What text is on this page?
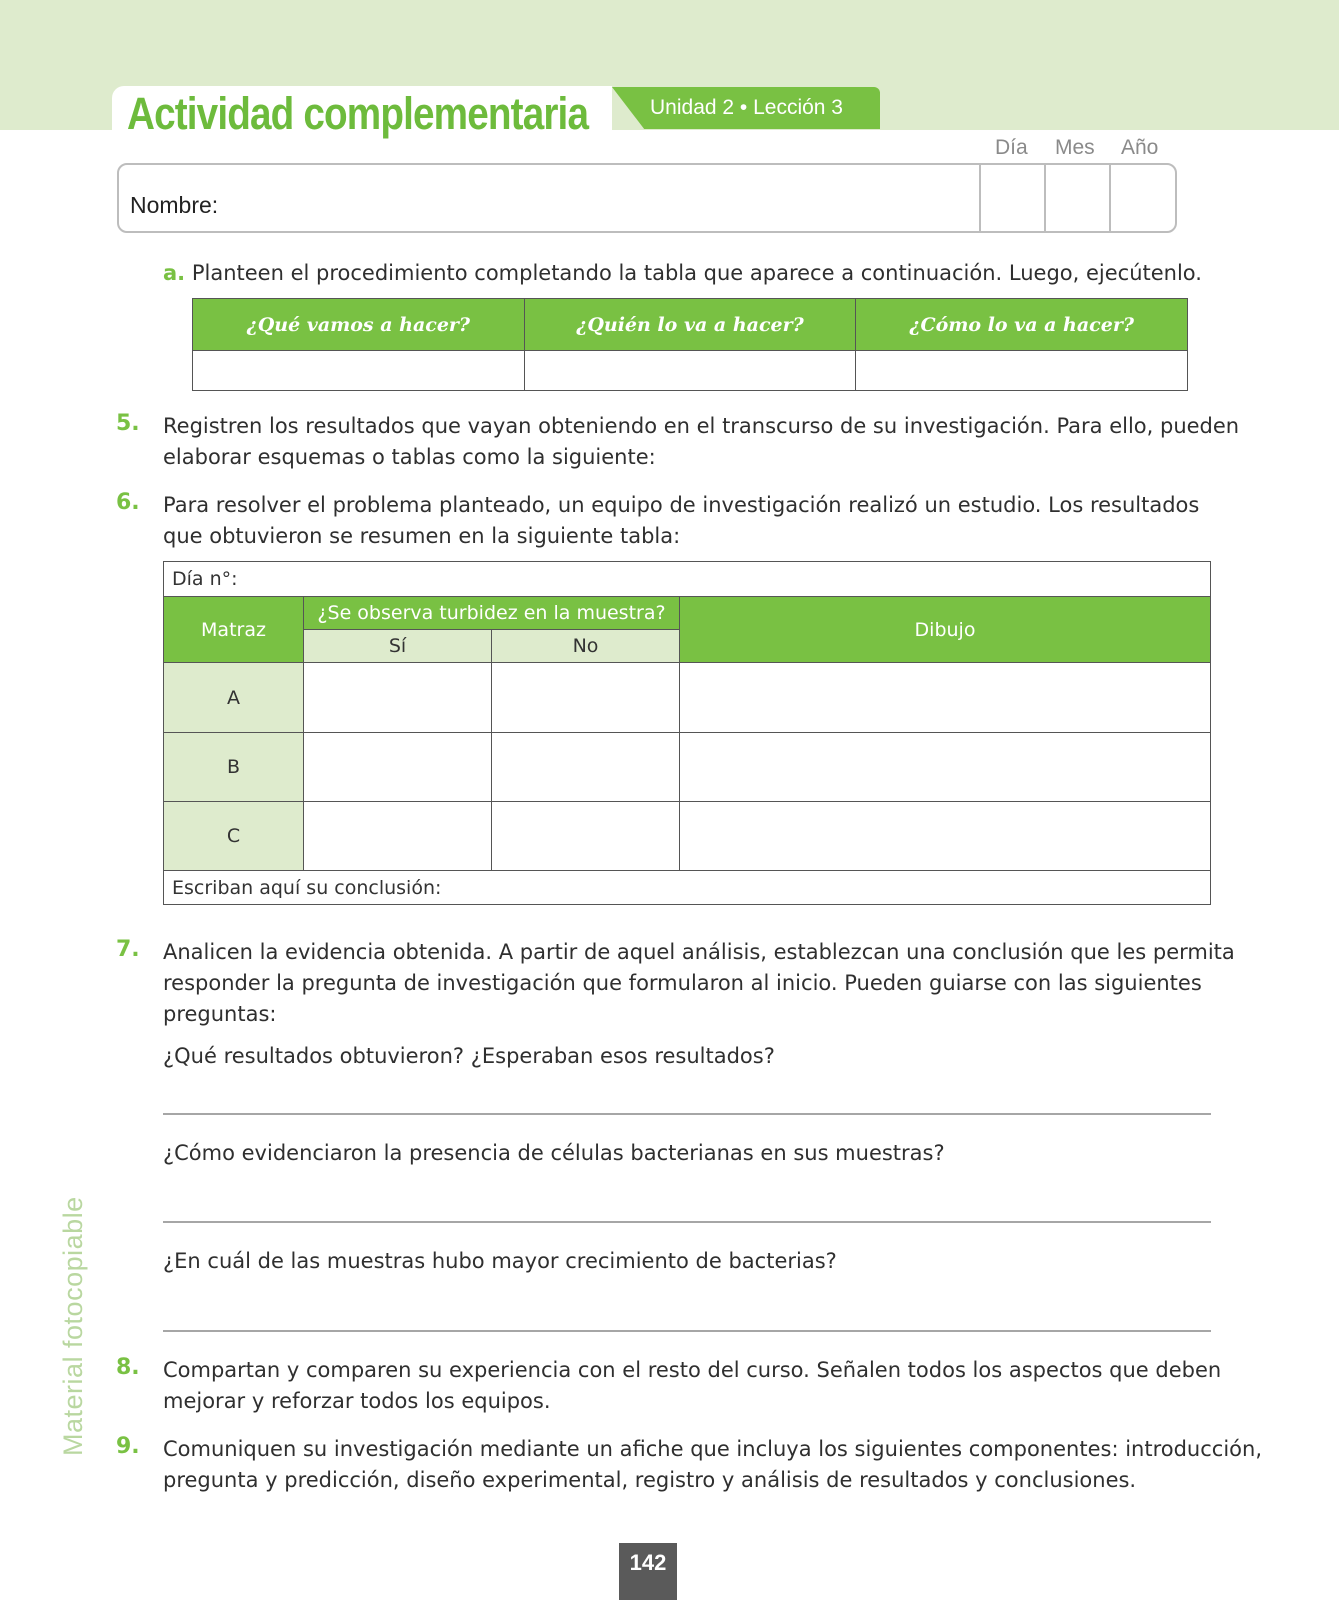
Actividad complementaria	Unidad 2 • Lección 3
Día Mes Año
Nombre:
a. Planteen el procedimiento completando la tabla que aparece a continuación. Luego, ejecútenlo.
¿Qué vamos a hacer?	¿Quién lo va a hacer?	¿Cómo lo va a hacer?

5. Registren los resultados que vayan obteniendo en el transcurso de su investigación. Para ello, pueden
elaborar esquemas o tablas como la siguiente:
6. Para resolver el problema planteado, un equipo de investigación realizó un estudio. Los resultados
que obtuvieron se resumen en la siguiente tabla:
Día n°:			
Matraz	¿Se observa turbidez en la muestra?		Dibujo
	Sí	No	
A			
B			
C			
Escriban aquí su conclusión:			
7. Analicen la evidencia obtenida. A partir de aquel análisis, establezcan una conclusión que les permita
responder la pregunta de investigación que formularon al inicio. Pueden guiarse con las siguientes
preguntas:
¿Qué resultados obtuvieron? ¿Esperaban esos resultados?
¿Cómo evidenciaron la presencia de células bacterianas en sus muestras?
¿En cuál de las muestras hubo mayor crecimiento de bacterias?
8. Compartan y comparen su experiencia con el resto del curso. Señalen todos los aspectos que deben
mejorar y reforzar todos los equipos.
9. Comuniquen su investigación mediante un afiche que incluya los siguientes componentes: introducción,
pregunta y predicción, diseño experimental, registro y análisis de resultados y conclusiones.
Material fotocopiable
142
